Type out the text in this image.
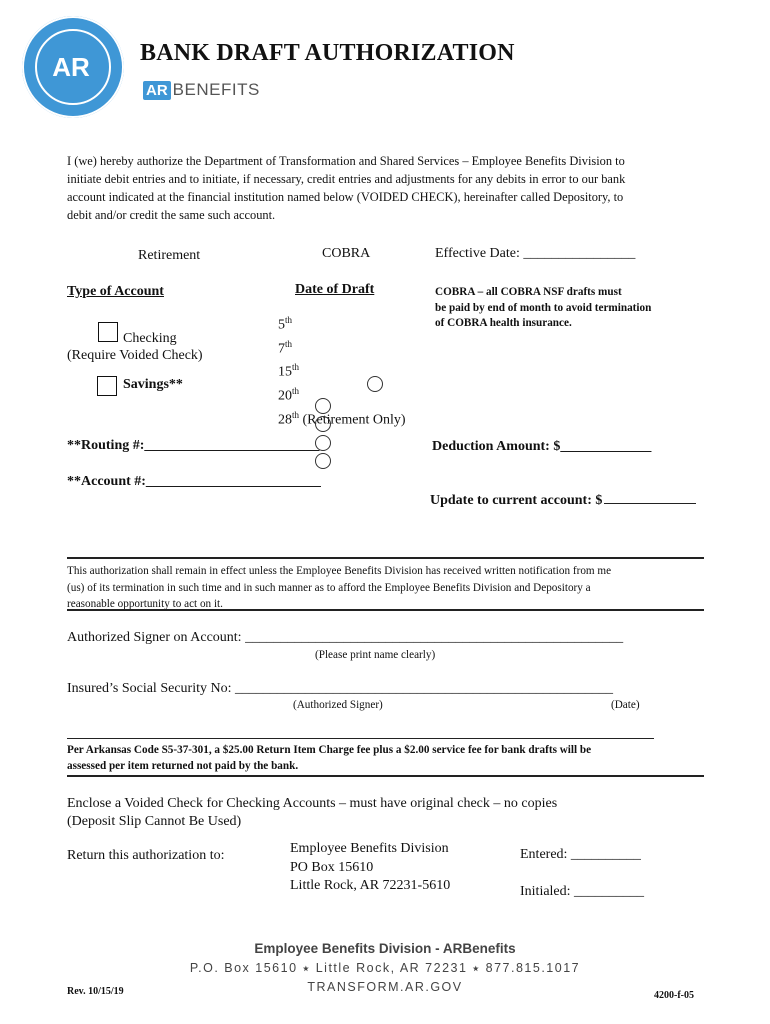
AR BANK DRAFT AUTHORIZATION
AR BENEFITS
I (we) hereby authorize the Department of Transformation and Shared Services – Employee Benefits Division to
initiate debit entries and to initiate, if necessary, credit entries and adjustments for any debits in error to our bank
account indicated at the financial institution named below (VOIDED CHECK), hereinafter called Depository, to
debit and/or credit the same such account.
Retirement	COBRA	Effective Date: ________________
Type of Account
Checking
(Require Voided Check)
Savings**
Date of Draft
5th
7th
15th
20th
28th (Retirement Only)
COBRA – all COBRA NSF drafts must
be paid by end of month to avoid termination
of COBRA health insurance.
**Routing #:_________________________
**Account #:_________________________
Deduction Amount: $_____________
Update to current account: $
This authorization shall remain in effect unless the Employee Benefits Division has received written notification from me
(us) of its termination in such time and in such manner as to afford the Employee Benefits Division and Depository a
reasonable opportunity to act on it.
Authorized Signer on Account: ______________________________________________________
(Please print name clearly)
Insured’s Social Security No: ______________________________________________________
(Authorized Signer)	(Date)
Per Arkansas Code S5-37-301, a $25.00 Return Item Charge fee plus a $2.00 service fee for bank drafts will be
assessed per item returned not paid by the bank.
Enclose a Voided Check for Checking Accounts – must have original check – no copies
(Deposit Slip Cannot Be Used)
Return this authorization to:	Employee Benefits Division
PO Box 15610
Little Rock, AR 72231-5610
Entered: __________
Initialed: __________
Employee Benefits Division - ARBenefits
P.O. Box 15610 ⭑ Little Rock, AR 72231 ⭑ 877.815.1017
TRANSFORM.AR.GOV
Rev. 10/15/19	4200-f-05
